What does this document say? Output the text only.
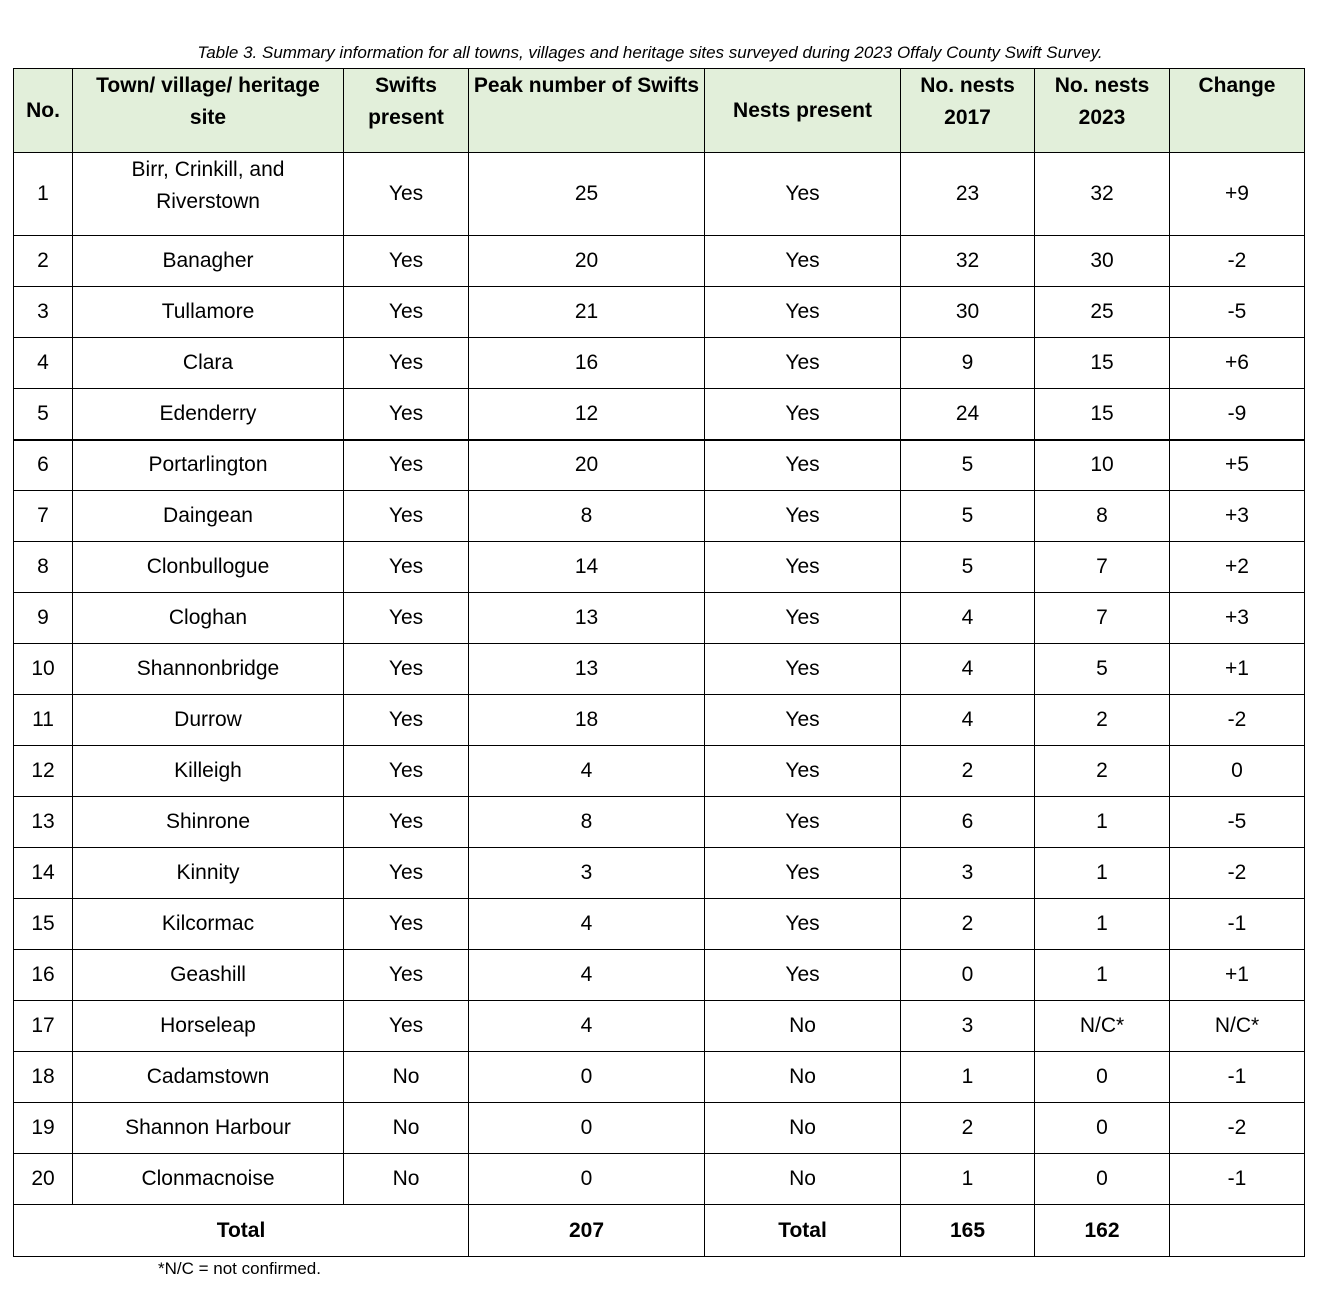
Table 3. Summary information for all towns, villages and heritage sites surveyed during 2023 Offaly County Swift Survey.
No.	Town/ village/ heritage site	Swifts present	Peak number of Swifts	Nests present	No. nests 2017	No. nests 2023	Change
1	Birr, Crinkill, and Riverstown	Yes	25	Yes	23	32	+9
2	Banagher	Yes	20	Yes	32	30	-2
3	Tullamore	Yes	21	Yes	30	25	-5
4	Clara	Yes	16	Yes	9	15	+6
5	Edenderry	Yes	12	Yes	24	15	-9
6	Portarlington	Yes	20	Yes	5	10	+5
7	Daingean	Yes	8	Yes	5	8	+3
8	Clonbullogue	Yes	14	Yes	5	7	+2
9	Cloghan	Yes	13	Yes	4	7	+3
10	Shannonbridge	Yes	13	Yes	4	5	+1
11	Durrow	Yes	18	Yes	4	2	-2
12	Killeigh	Yes	4	Yes	2	2	0
13	Shinrone	Yes	8	Yes	6	1	-5
14	Kinnity	Yes	3	Yes	3	1	-2
15	Kilcormac	Yes	4	Yes	2	1	-1
16	Geashill	Yes	4	Yes	0	1	+1
17	Horseleap	Yes	4	No	3	N/C*	N/C*
18	Cadamstown	No	0	No	1	0	-1
19	Shannon Harbour	No	0	No	2	0	-2
20	Clonmacnoise	No	0	No	1	0	-1
Total			207	Total	165	162	
*N/C = not confirmed.
